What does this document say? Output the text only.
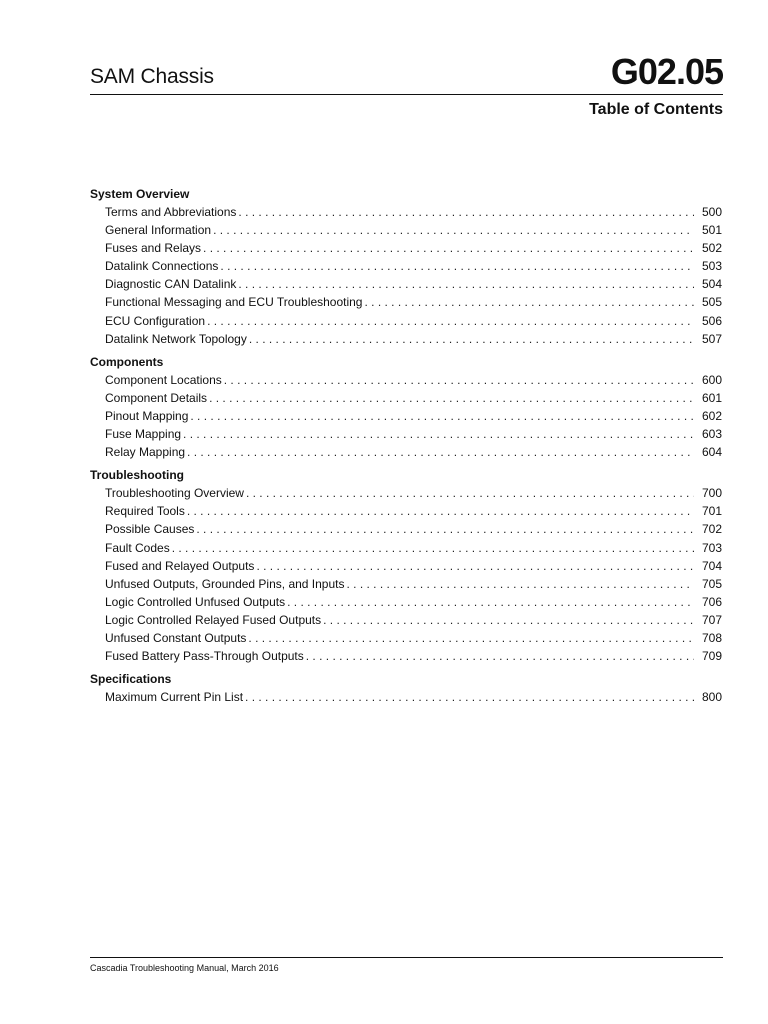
SAM Chassis	G02.05
Table of Contents
System Overview
Terms and Abbreviations . . .	500
General Information . . .	501
Fuses and Relays . . .	502
Datalink Connections . . .	503
Diagnostic CAN Datalink . . .	504
Functional Messaging and ECU Troubleshooting . . .	505
ECU Configuration . . .	506
Datalink Network Topology . . .	507
Components
Component Locations . . .	600
Component Details . . .	601
Pinout Mapping . . .	602
Fuse Mapping . . .	603
Relay Mapping . . .	604
Troubleshooting
Troubleshooting Overview . . .	700
Required Tools . . .	701
Possible Causes . . .	702
Fault Codes . . .	703
Fused and Relayed Outputs . . .	704
Unfused Outputs, Grounded Pins, and Inputs . . .	705
Logic Controlled Unfused Outputs . . .	706
Logic Controlled Relayed Fused Outputs . . .	707
Unfused Constant Outputs . . .	708
Fused Battery Pass-Through Outputs . . .	709
Specifications
Maximum Current Pin List . . .	800
Cascadia Troubleshooting Manual, March 2016
